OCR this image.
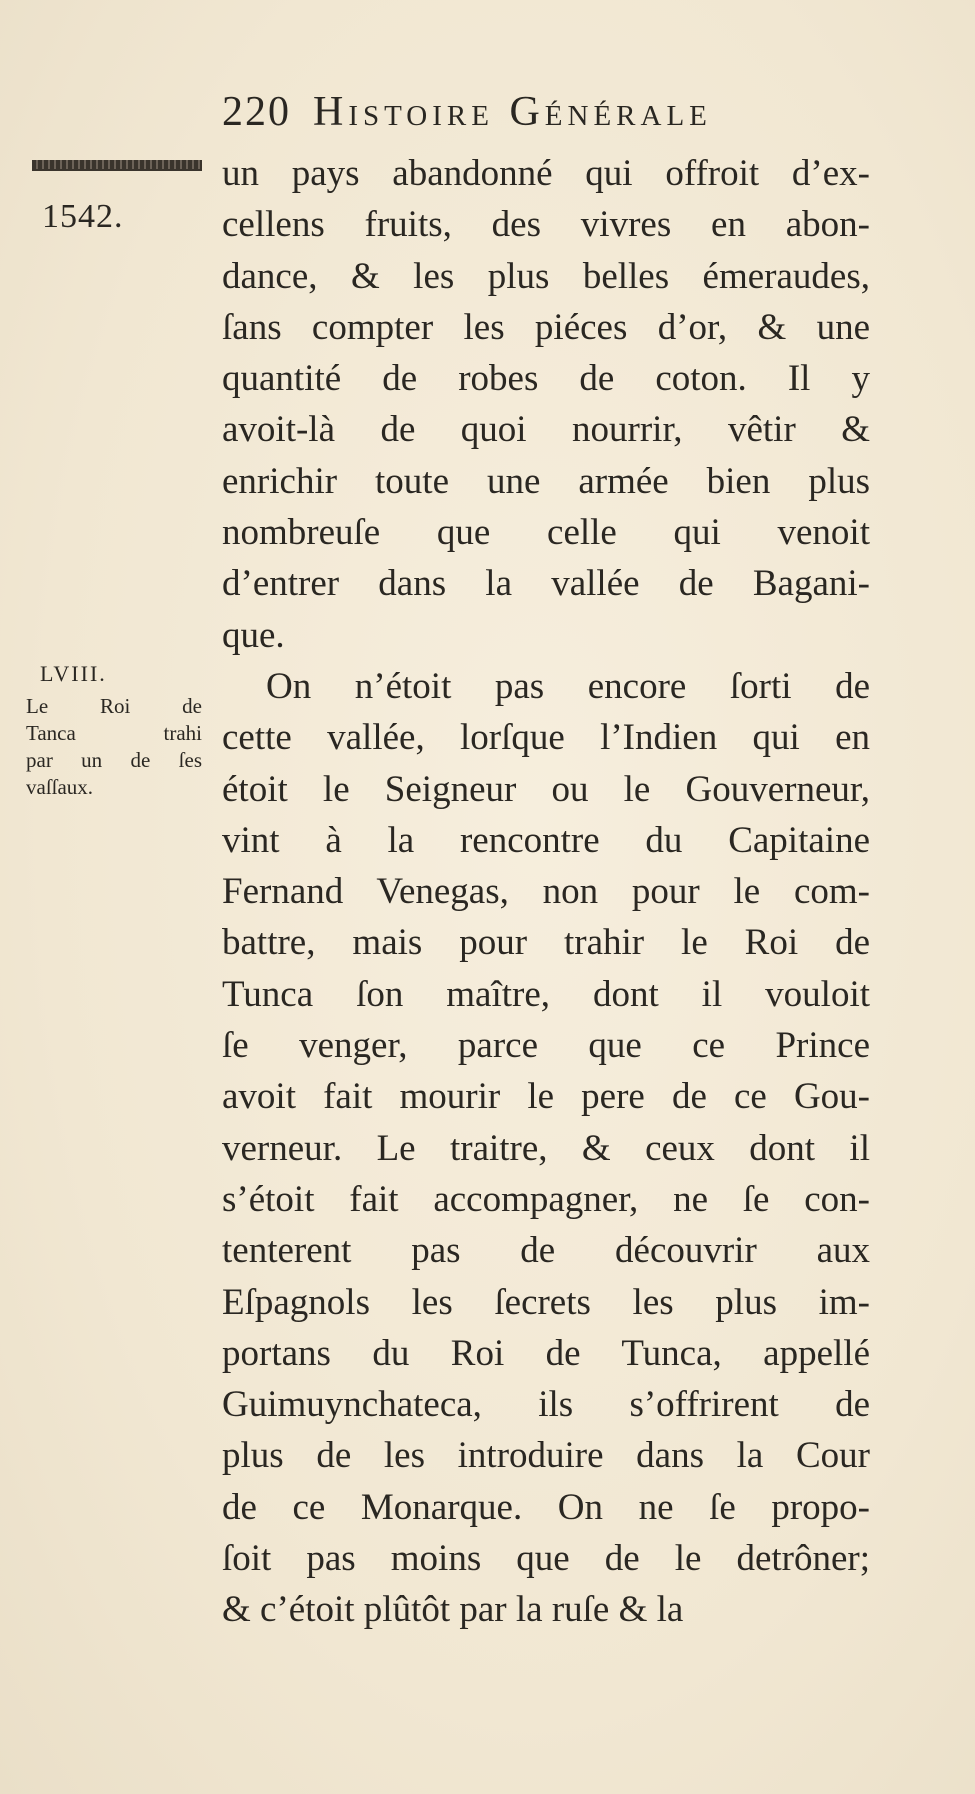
220 Histoire Générale
1542.
LVIII.
Le Roi de
Tanca trahi
par un de ſes
vaſſaux.
un pays abandonné qui offroit d’ex-
cellens fruits, des vivres en abon-
dance, & les plus belles émeraudes,
ſans compter les piéces d’or, & une
quantité de robes de coton. Il y
avoit-là de quoi nourrir, vêtir &
enrichir toute une armée bien plus
nombreuſe que celle qui venoit
d’entrer dans la vallée de Bagani-
que.
On n’étoit pas encore ſorti de
cette vallée, lorſque l’Indien qui en
étoit le Seigneur ou le Gouverneur,
vint à la rencontre du Capitaine
Fernand Venegas, non pour le com-
battre, mais pour trahir le Roi de
Tunca ſon maître, dont il vouloit
ſe venger, parce que ce Prince
avoit fait mourir le pere de ce Gou-
verneur. Le traitre, & ceux dont il
s’étoit fait accompagner, ne ſe con-
tenterent pas de découvrir aux
Eſpagnols les ſecrets les plus im-
portans du Roi de Tunca, appellé
Guimuynchateca, ils s’offrirent de
plus de les introduire dans la Cour
de ce Monarque. On ne ſe propo-
ſoit pas moins que de le detrôner;
& c’étoit plûtôt par la ruſe & la
